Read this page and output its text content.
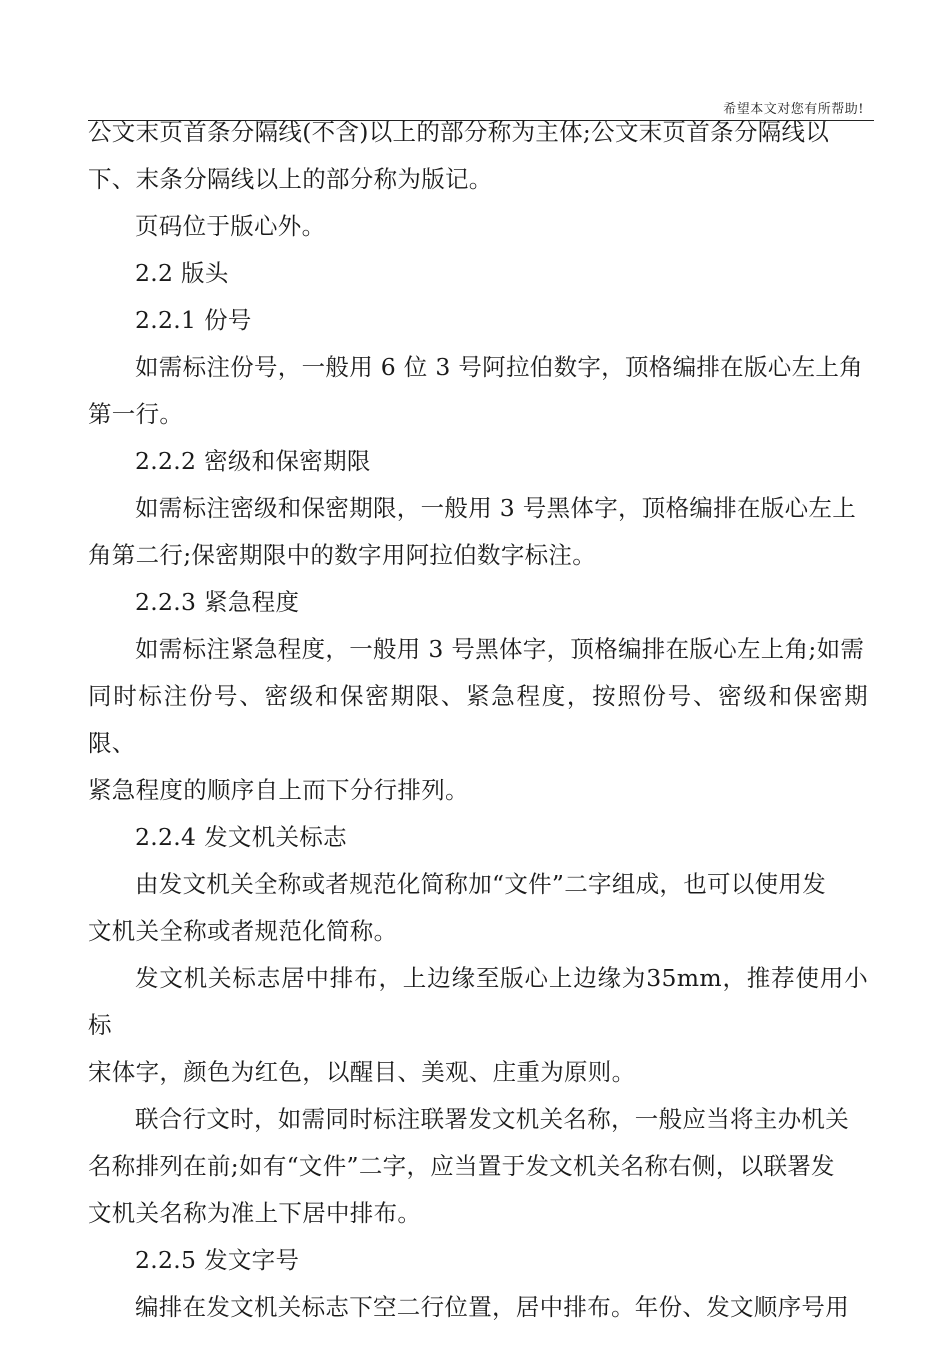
希望本文对您有所帮助!

公文末页首条分隔线(不含)以上的部分称为主体;公文末页首条分隔线以
下、末条分隔线以上的部分称为版记。

页码位于版心外。

2.2 版头

2.2.1 份号

如需标注份号，一般用 6 位 3 号阿拉伯数字，顶格编排在版心左上角
第一行。

2.2.2 密级和保密期限

如需标注密级和保密期限，一般用 3 号黑体字，顶格编排在版心左上
角第二行;保密期限中的数字用阿拉伯数字标注。

2.2.3 紧急程度

如需标注紧急程度，一般用 3 号黑体字，顶格编排在版心左上角;如需
同时标注份号、密级和保密期限、紧急程度，按照份号、密级和保密期限、
紧急程度的顺序自上而下分行排列。

2.2.4 发文机关标志

由发文机关全称或者规范化简称加“文件”二字组成，也可以使用发
文机关全称或者规范化简称。

发文机关标志居中排布，上边缘至版心上边缘为35mm，推荐使用小标
宋体字，颜色为红色，以醒目、美观、庄重为原则。

联合行文时，如需同时标注联署发文机关名称，一般应当将主办机关
名称排列在前;如有“文件”二字，应当置于发文机关名称右侧，以联署发
文机关名称为准上下居中排布。

2.2.5 发文字号

编排在发文机关标志下空二行位置，居中排布。年份、发文顺序号用
